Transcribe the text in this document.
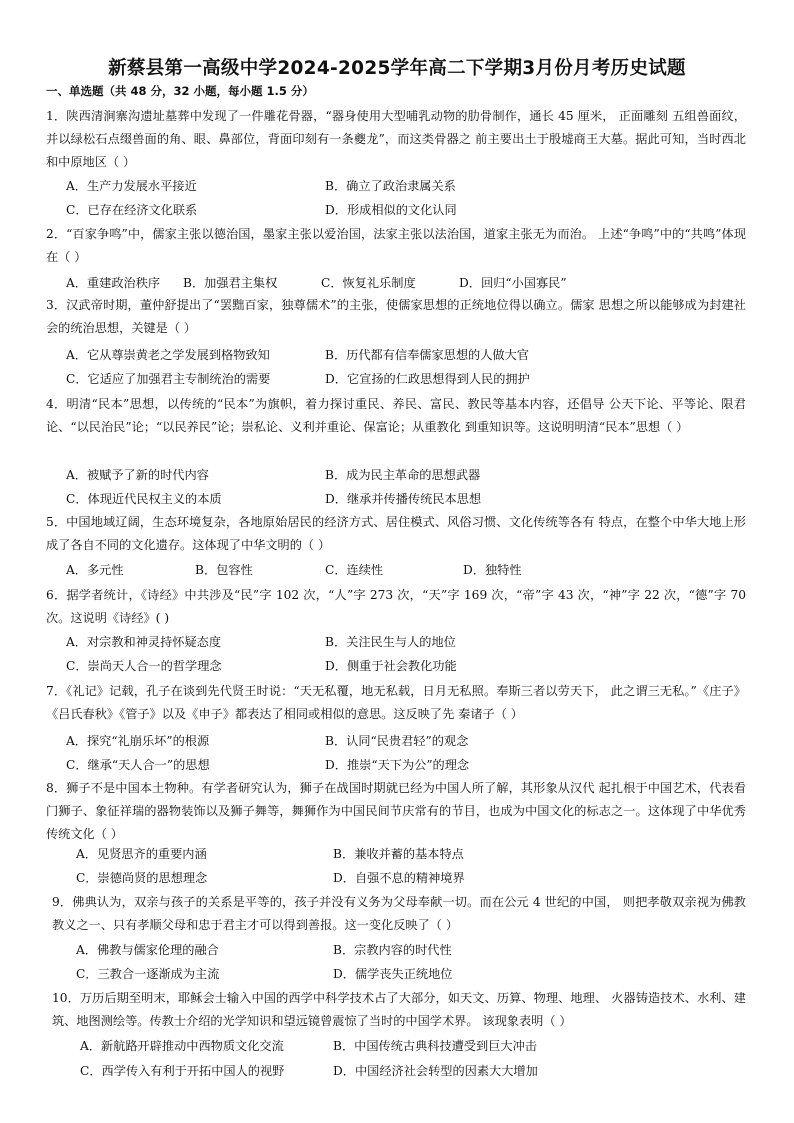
新蔡县第一高级中学2024-2025学年高二下学期3月份月考历史试题
一、单选题（共 48 分，32 小题，每小题 1.5 分）
1．陕西清涧寨沟遗址墓葬中发现了一件雕花骨器，“器身使用大型哺乳动物的肋骨制作，通长 45 厘米， 正面雕刻 五组兽面纹，并以绿松石点缀兽面的角、眼、鼻部位，背面印刻有一条夔龙”，而这类骨器之 前主要出土于殷墟商王大墓。据此可知，当时西北和中原地区（ ）
A．生产力发展水平接近	B．确立了政治隶属关系
C．已存在经济文化联系	D．形成相似的文化认同
2．“百家争鸣”中，儒家主张以德治国，墨家主张以爱治国，法家主张以法治国，道家主张无为而治。 上述“争鸣”中的“共鸣”体现在（ ）
A．重建政治秩序 B．加强君主集权	C．恢复礼乐制度	D．回归“小国寡民”
3．汉武帝时期，董仲舒提出了“罢黜百家，独尊儒术”的主张，使儒家思想的正统地位得以确立。儒家 思想之所以能够成为封建社会的统治思想，关键是（ ）
A．它从尊崇黄老之学发展到格物致知	B．历代都有信奉儒家思想的人做大官
C．它适应了加强君主专制统治的需要	D．它宣扬的仁政思想得到人民的拥护
4．明清“民本”思想，以传统的“民本”为旗帜，着力探讨重民、养民、富民、教民等基本内容，还倡导 公天下论、平等论、限君论、“以民治民”论；“以民养民”论；崇私论、义利并重论、保富论；从重教化 到重知识等。这说明明清“民本”思想（ ）
A．被赋予了新的时代内容	B．成为民主革命的思想武器
C．体现近代民权主义的本质	D．继承并传播传统民本思想
5．中国地域辽阔，生态环境复杂，各地原始居民的经济方式、居住模式、风俗习惯、文化传统等各有 特点，在整个中华大地上形成了各自不同的文化遗存。这体现了中华文明的（ ）
A．多元性	B．包容性	C．连续性	D．独特性
6．据学者统计，《诗经》中共涉及“民”字 102 次，“人”字 273 次，“天”字 169 次，“帝”字 43 次，“神”字 22 次，“德”字 70 次。这说明《诗经》( )
A．对宗教和神灵持怀疑态度	B．关注民生与人的地位
C．崇尚天人合一的哲学理念	D．侧重于社会教化功能
7．《礼记》记载，孔子在谈到先代贤王时说：“天无私覆，地无私载，日月无私照。奉斯三者以劳天下， 此之谓三无私。”《庄子》《吕氏春秋》《管子》以及《申子》都表达了相同或相似的意思。这反映了先 秦诸子（ ）
A．探究“礼崩乐坏”的根源	B．认同“民贵君轻”的观念
C．继承“天人合一”的思想	D．推崇“天下为公”的理念
8．狮子不是中国本土物种。有学者研究认为，狮子在战国时期就已经为中国人所了解，其形象从汉代 起扎根于中国艺术，代表看门狮子、象征祥瑞的器物装饰以及狮子舞等，舞狮作为中国民间节庆常有的节目，也成为中国文化的标志之一。这体现了中华优秀传统文化（ ）
A．见贤思齐的重要内涵	B．兼收并蓄的基本特点
C．崇德尚贤的思想理念	D．自强不息的精神境界
9．佛典认为，双亲与孩子的关系是平等的，孩子并没有义务为父母奉献一切。而在公元 4 世纪的中国， 则把孝敬双亲视为佛教教义之一、只有孝顺父母和忠于君主才可以得到善报。这一变化反映了（ ）
A．佛教与儒家伦理的融合	B．宗教内容的时代性
C．三教合一逐渐成为主流	D．儒学丧失正统地位
10．万历后期至明末，耶稣会士输入中国的西学中科学技术占了大部分，如天文、历算、物理、地理、 火器铸造技术、水利、建筑、地图测绘等。传教士介绍的光学知识和望远镜曾震惊了当时的中国学术界。 该现象表明（ ）
A．新航路开辟推动中西物质文化交流	B．中国传统古典科技遭受到巨大冲击
C．西学传入有利于开拓中国人的视野	D．中国经济社会转型的因素大大增加
